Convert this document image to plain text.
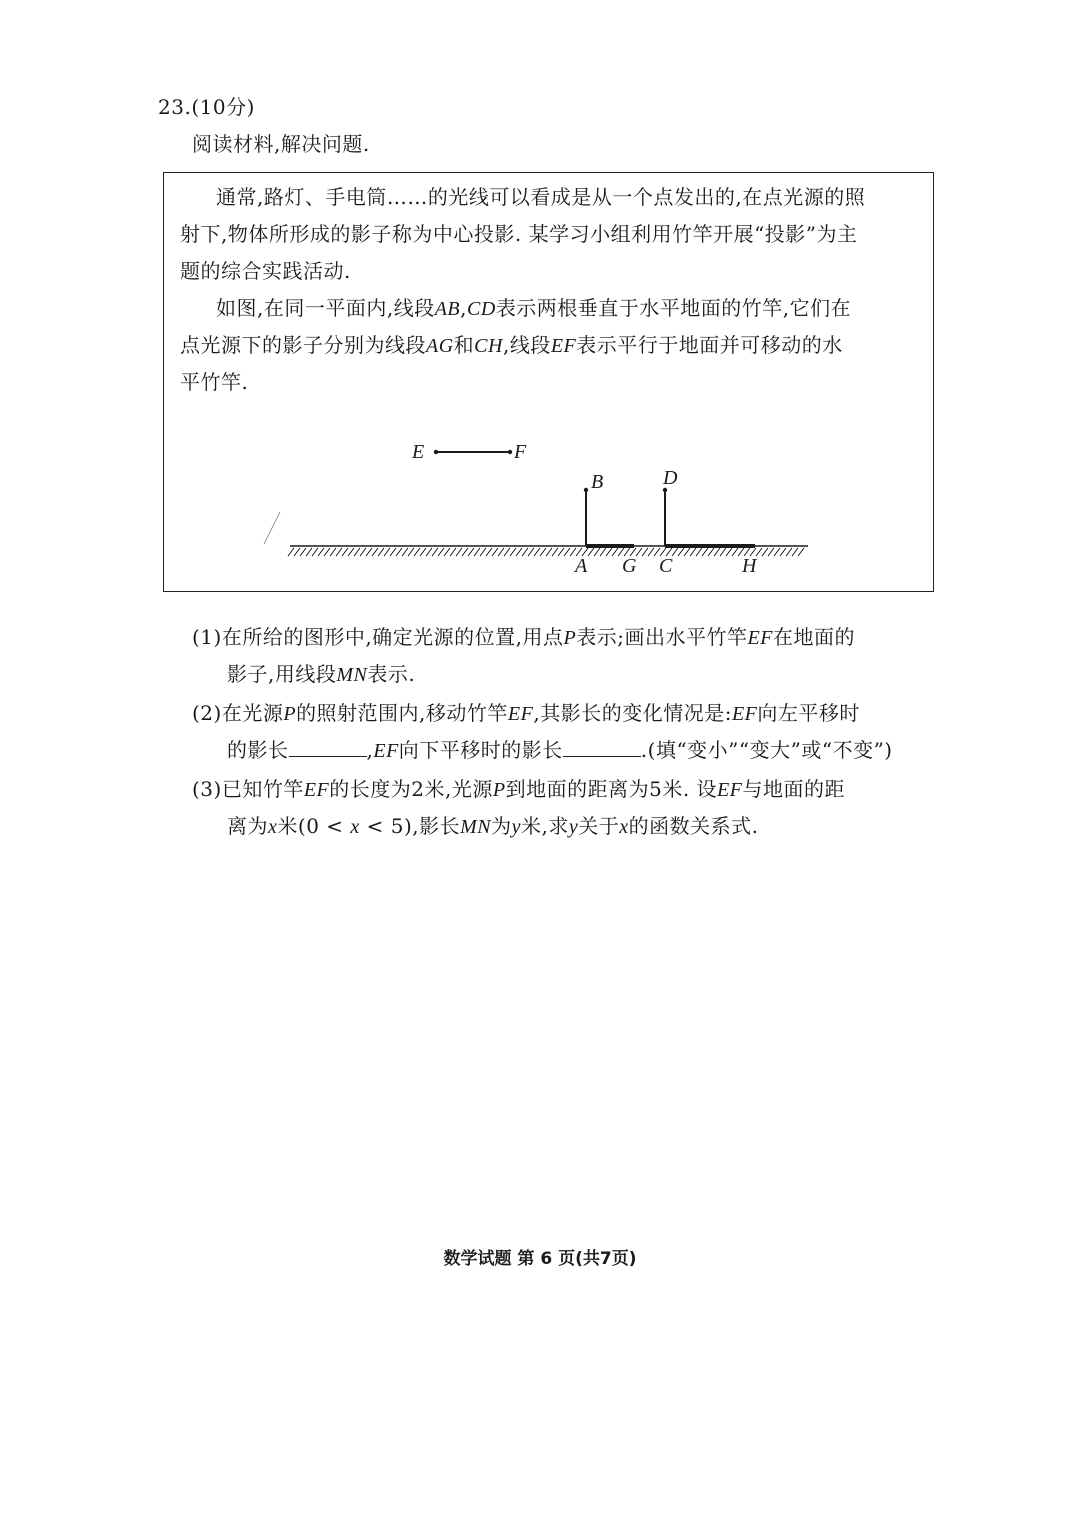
23.(10分)
阅读材料,解决问题.
通常,路灯、手电筒……的光线可以看成是从一个点发出的,在点光源的照
射下,物体所形成的影子称为中心投影. 某学习小组利用竹竿开展“投影”为主
题的综合实践活动.
如图,在同一平面内,线段AB,CD表示两根垂直于水平地面的竹竿,它们在
点光源下的影子分别为线段AG和CH,线段EF表示平行于地面并可移动的水
平竹竿.
E	F
B	D
A G C	H
(1)在所给的图形中,确定光源的位置,用点P表示;画出水平竹竿EF在地面的
影子,用线段MN表示.
(2)在光源P的照射范围内,移动竹竿EF,其影长的变化情况是:EF向左平移时
的影长	,EF向下平移时的影长	.(填“变小”“变大”或“不变”)
(3)已知竹竿EF的长度为2米,光源P到地面的距离为5米. 设EF与地面的距
离为x米(0 < x < 5),影长MN为y米,求y关于x的函数关系式.
数学试题 第 6 页(共7页)
